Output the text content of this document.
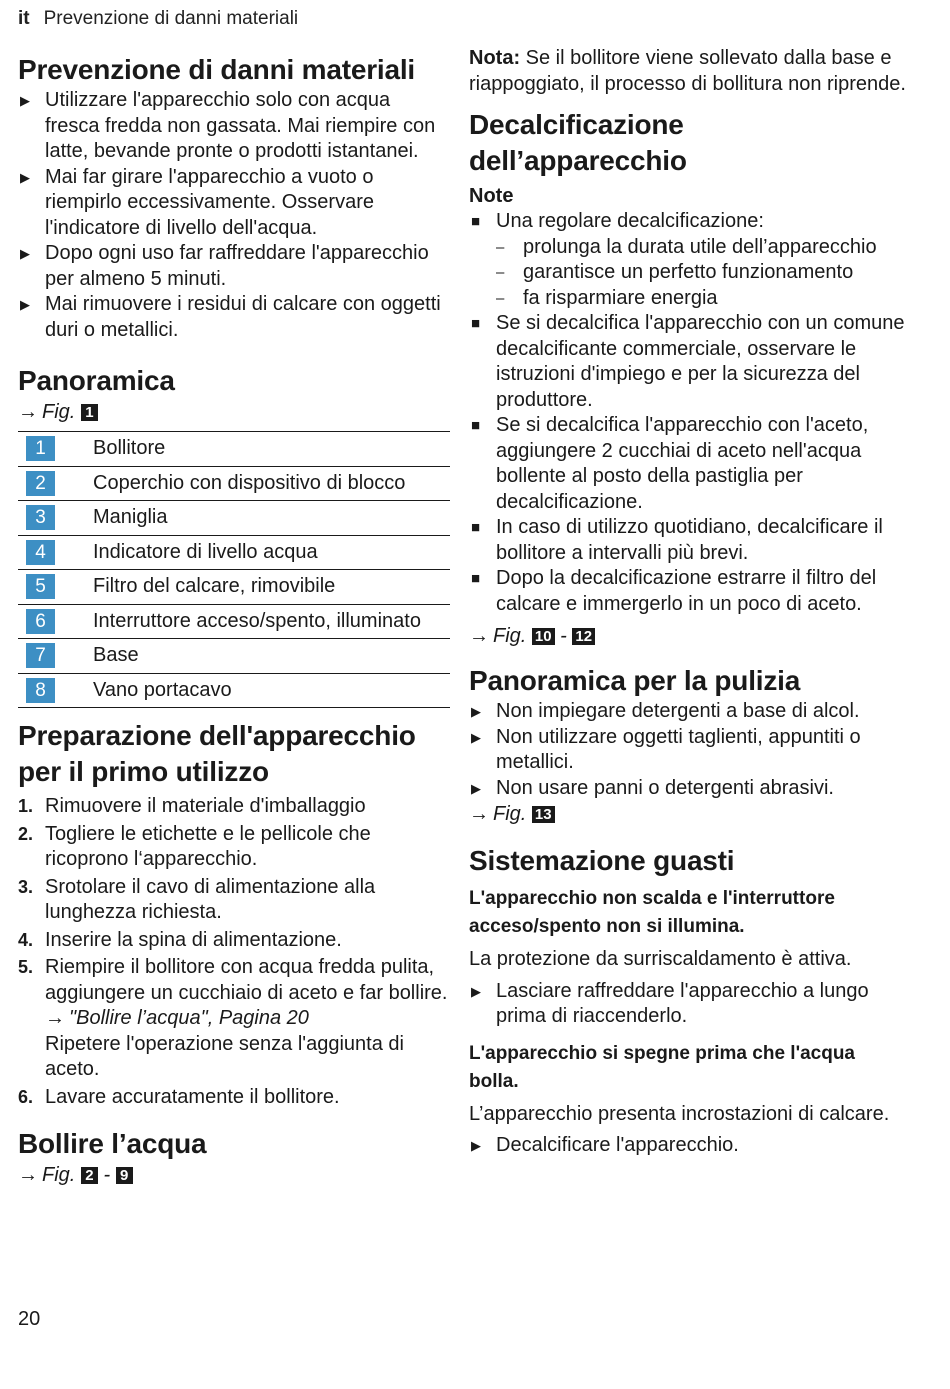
it Prevenzione di danni materiali
Prevenzione di danni materiali
▶ Utilizzare l'apparecchio solo con acqua fresca fredda non gassata. Mai riempire con latte, bevande pronte o prodotti istantanei.
▶ Mai far girare l'apparecchio a vuoto o riempirlo eccessivamente. Osservare l'indicatore di livello dell'acqua.
▶ Dopo ogni uso far raffreddare l'apparecchio per almeno 5 minuti.
▶ Mai rimuovere i residui di calcare con oggetti duri o metallici.
Panoramica
→ Fig. 1
1	Bollitore
2	Coperchio con dispositivo di blocco
3	Maniglia
4	Indicatore di livello acqua
5	Filtro del calcare, rimovibile
6	Interruttore acceso/spento, illuminato
7	Base
8	Vano portacavo
Preparazione dell'apparecchio per il primo utilizzo
1. Rimuovere il materiale d'imballaggio
2. Togliere le etichette e le pellicole che ricoprono l‘apparecchio.
3. Srotolare il cavo di alimentazione alla lunghezza richiesta.
4. Inserire la spina di alimentazione.
5. Riempire il bollitore con acqua fredda pulita, aggiungere un cucchiaio di aceto e far bollire.
→ "Bollire l’acqua", Pagina 20
Ripetere l'operazione senza l'aggiunta di aceto.
6. Lavare accuratamente il bollitore.
Bollire l’acqua
→ Fig. 2 - 9

Nota: Se il bollitore viene sollevato dalla base e riappoggiato, il processo di bollitura non riprende.

Decalcificazione dell’apparecchio
Note
■ Una regolare decalcificazione:
– prolunga la durata utile dell’apparecchio
– garantisce un perfetto funzionamento
– fa risparmiare energia
■ Se si decalcifica l'apparecchio con un comune decalcificante commerciale, osservare le istruzioni d'impiego e per la sicurezza del produttore.
■ Se si decalcifica l'apparecchio con l'aceto, aggiungere 2 cucchiai di aceto nell'acqua bollente al posto della pastiglia per decalcificazione.
■ In caso di utilizzo quotidiano, decalcificare il bollitore a intervalli più brevi.
■ Dopo la decalcificazione estrarre il filtro del calcare e immergerlo in un poco di aceto.
→ Fig. 10 - 12
Panoramica per la pulizia
▶ Non impiegare detergenti a base di alcol.
▶ Non utilizzare oggetti taglienti, appuntiti o metallici.
▶ Non usare panni o detergenti abrasivi.
→ Fig. 13
Sistemazione guasti
L'apparecchio non scalda e l'interruttore acceso/spento non si illumina.

La protezione da surriscaldamento è attiva.

▶ Lasciare raffreddare l'apparecchio a lungo prima di riaccenderlo.
L'apparecchio si spegne prima che l'acqua bolla.

L’apparecchio presenta incrostazioni di calcare.

▶ Decalcificare l'apparecchio.
20
